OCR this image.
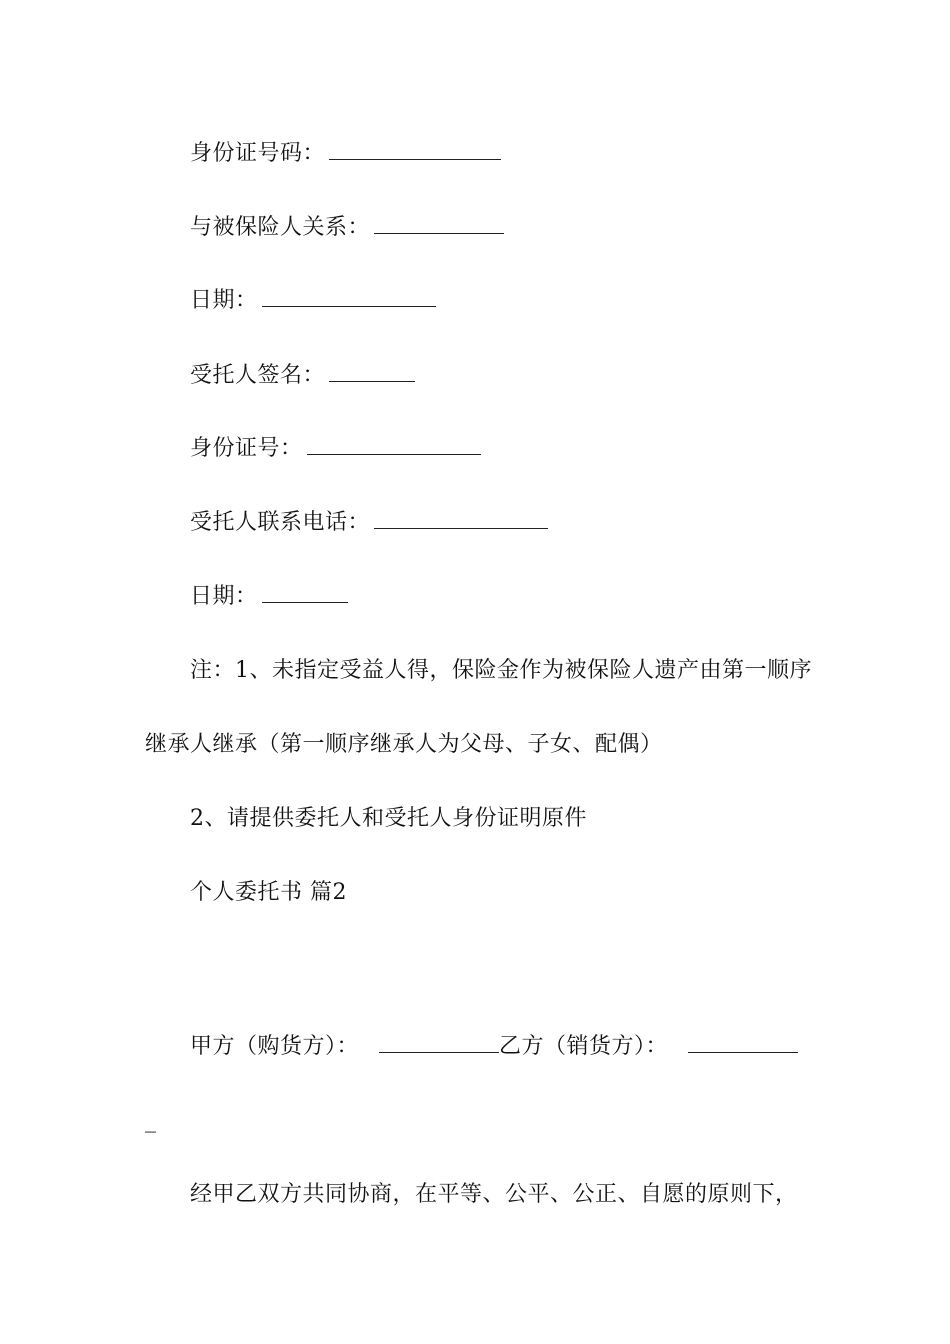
身份证号码：
与被保险人关系：
日期：
受托人签名：
身份证号：
受托人联系电话：
日期：
注：1、未指定受益人得，保险金作为被保险人遗产由第一顺序
继承人继承（第一顺序继承人为父母、子女、配偶）
2、请提供委托人和受托人身份证明原件
个人委托书 篇2
甲方（购货方）：	乙方（销货方）：
_
经甲乙双方共同协商，在平等、公平、公正、自愿的原则下，
